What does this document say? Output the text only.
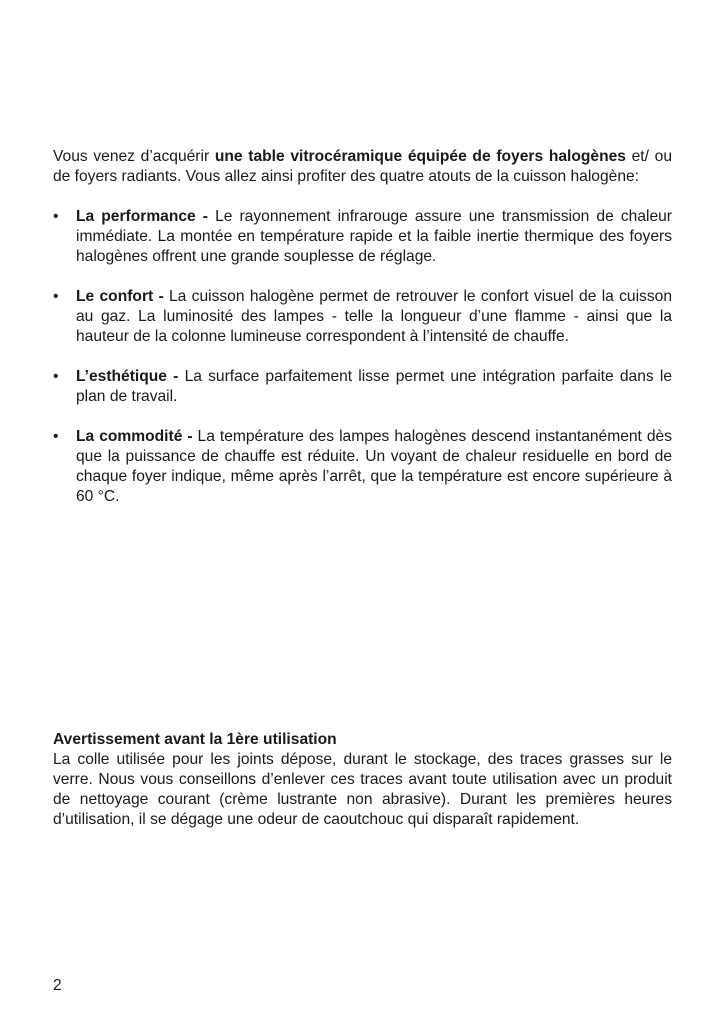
Vous venez d’acquérir une table vitrocéramique équipée de foyers halogènes et/ ou de foyers radiants. Vous allez ainsi profiter des quatre atouts de la cuisson halogène:

• La performance - Le rayonnement infrarouge assure une transmission de chaleur immédiate. La montée en température rapide et la faible inertie thermique des foyers halogènes offrent une grande souplesse de réglage.
• Le confort - La cuisson halogène permet de retrouver le confort visuel de la cuisson au gaz. La luminosité des lampes - telle la longueur d’une flamme - ainsi que la hauteur de la colonne lumineuse correspondent à l’intensité de chauffe.
• L’esthétique - La surface parfaitement lisse permet une intégration parfaite dans le plan de travail.
• La commodité - La température des lampes halogènes descend instantanément dès que la puissance de chauffe est réduite. Un voyant de chaleur residuelle en bord de chaque foyer indique, même après l’arrêt, que la température est encore supérieure à 60 °C.
Avertissement avant la 1ère utilisation
La colle utilisée pour les joints dépose, durant le stockage, des traces grasses sur le verre. Nous vous conseillons d’enlever ces traces avant toute utilisation avec un produit de nettoyage courant (crème lustrante non abrasive). Durant les premières heures d’utilisation, il se dégage une odeur de caoutchouc qui disparaît rapidement.
2
